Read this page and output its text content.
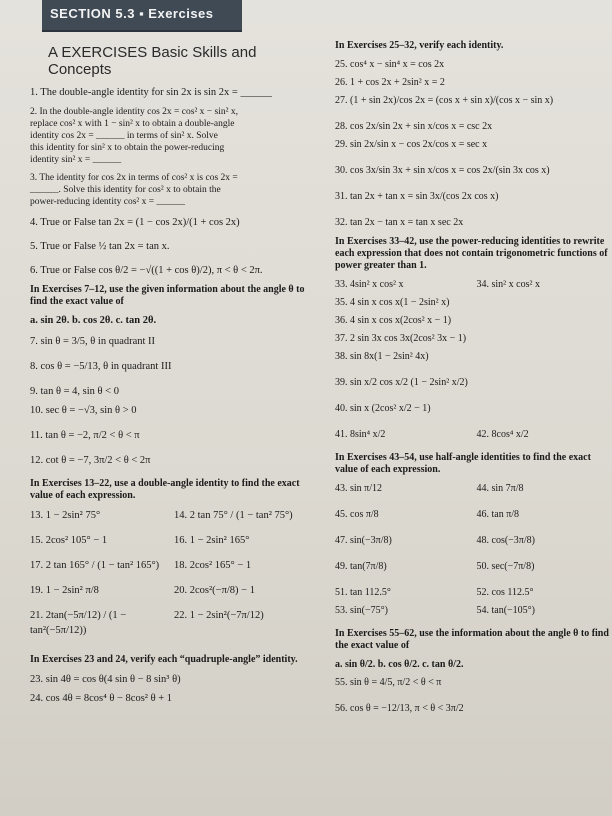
SECTION 5.3 ▪ Exercises
A EXERCISES Basic Skills and Concepts
1. The double-angle identity for sin 2x is sin 2x = ______
2. In the double-angle identity cos 2x = cos² x − sin² x,
replace cos² x with 1 − sin² x to obtain a double-angle
identity cos 2x = ______ in terms of sin² x. Solve
this identity for sin² x to obtain the power-reducing
identity sin² x = ______
3. The identity for cos 2x in terms of cos² x is cos 2x =
______. Solve this identity for cos² x to obtain the
power-reducing identity cos² x = ______
4. True or False tan 2x = (1 − cos 2x)/(1 + cos 2x)
5. True or False ½ tan 2x = tan x.
6. True or False cos θ/2 = −√((1 + cos θ)/2), π < θ < 2π.
In Exercises 7–12, use the given information about the angle θ to find the exact value of
a. sin 2θ. b. cos 2θ. c. tan 2θ.
7. sin θ = 3/5, θ in quadrant II
8. cos θ = −5/13, θ in quadrant III
9. tan θ = 4, sin θ < 0
10. sec θ = −√3, sin θ > 0
11. tan θ = −2, π/2 < θ < π
12. cot θ = −7, 3π/2 < θ < 2π
In Exercises 13–22, use a double-angle identity to find the exact value of each expression.
13. 1 − 2sin² 75°	14. 2 tan 75° / (1 − tan² 75°)
15. 2cos² 105° − 1	16. 1 − 2sin² 165°
17. 2 tan 165° / (1 − tan² 165°)	18. 2cos² 165° − 1
19. 1 − 2sin² π/8	20. 2cos²(−π/8) − 1
21. 2tan(−5π/12) / (1 − tan²(−5π/12))
22. 1 − 2sin²(−7π/12)
In Exercises 23 and 24, verify each “quadruple-angle” identity.
23. sin 4θ = cos θ(4 sin θ − 8 sin³ θ)
24. cos 4θ = 8cos⁴ θ − 8cos² θ + 1
In Exercises 25–32, verify each identity.
25. cos⁴ x − sin⁴ x = cos 2x
26. 1 + cos 2x + 2sin² x = 2
27. (1 + sin 2x)/cos 2x = (cos x + sin x)/(cos x − sin x)
28. cos 2x/sin 2x + sin x/cos x = csc 2x
29. sin 2x/sin x − cos 2x/cos x = sec x
30. cos 3x/sin 3x + sin x/cos x = cos 2x/(sin 3x cos x)
31. tan 2x + tan x = sin 3x/(cos 2x cos x)
32. tan 2x − tan x = tan x sec 2x
In Exercises 33–42, use the power-reducing identities to rewrite each expression that does not contain trigonometric functions of power greater than 1.
33. 4sin² x cos² x	34. sin² x cos² x
35. 4 sin x cos x(1 − 2sin² x)
36. 4 sin x cos x(2cos² x − 1)
37. 2 sin 3x cos 3x(2cos² 3x − 1)
38. sin 8x(1 − 2sin² 4x)
39. sin x/2 cos x/2 (1 − 2sin² x/2)
40. sin x (2cos² x/2 − 1)
41. 8sin⁴ x/2	42. 8cos⁴ x/2
In Exercises 43–54, use half-angle identities to find the exact value of each expression.
43. sin π/12	44. sin 7π/8
45. cos π/8	46. tan π/8
47. sin(−3π/8)	48. cos(−3π/8)
49. tan(7π/8)	50. sec(−7π/8)
51. tan 112.5°	52. cos 112.5°
53. sin(−75°)	54. tan(−105°)
In Exercises 55–62, use the information about the angle θ to find the exact value of
a. sin θ/2. b. cos θ/2. c. tan θ/2.
55. sin θ = 4/5, π/2 < θ < π
56. cos θ = −12/13, π < θ < 3π/2
